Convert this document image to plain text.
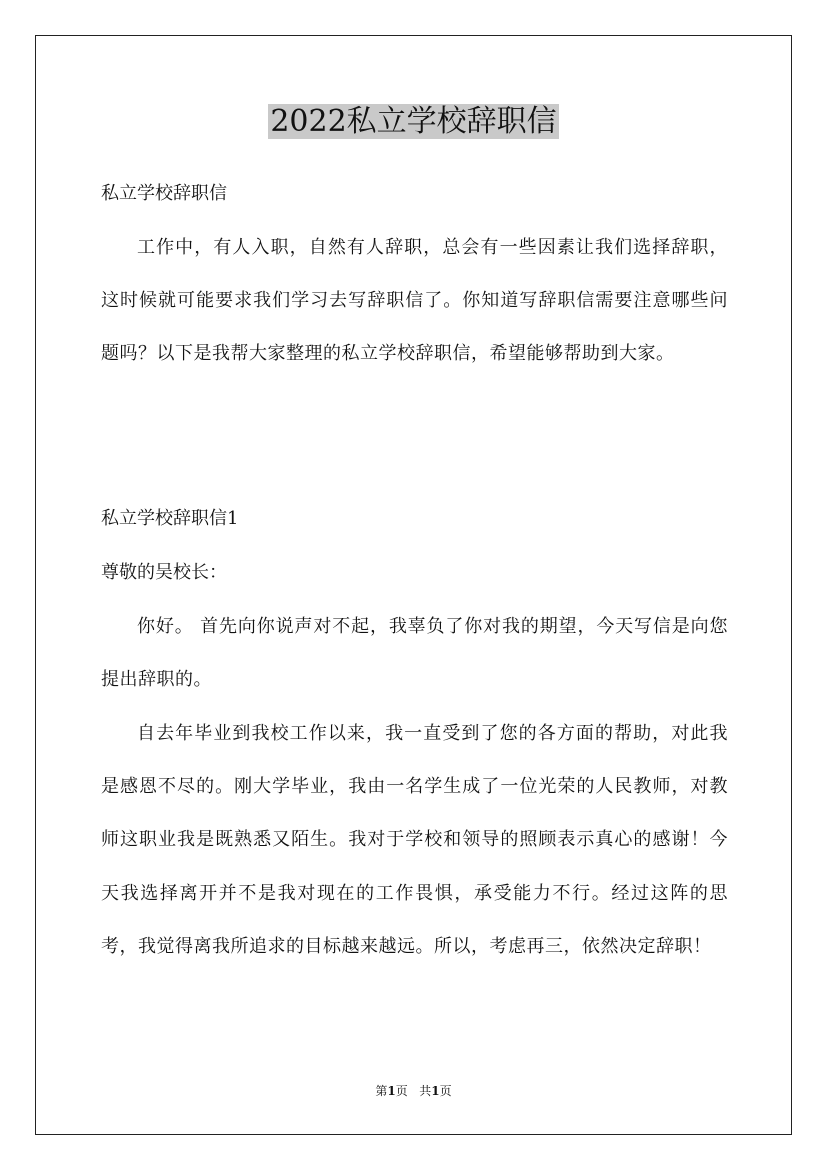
2022私立学校辞职信
私立学校辞职信
工作中，有人入职，自然有人辞职，总会有一些因素让我们选择辞职，这时候就可能要求我们学习去写辞职信了。你知道写辞职信需要注意哪些问题吗？以下是我帮大家整理的私立学校辞职信，希望能够帮助到大家。
私立学校辞职信1
尊敬的吴校长：
你好。 首先向你说声对不起，我辜负了你对我的期望，今天写信是向您提出辞职的。
自去年毕业到我校工作以来，我一直受到了您的各方面的帮助，对此我是感恩不尽的。刚大学毕业，我由一名学生成了一位光荣的人民教师，对教师这职业我是既熟悉又陌生。我对于学校和领导的照顾表示真心的感谢！今天我选择离开并不是我对现在的工作畏惧，承受能力不行。经过这阵的思考，我觉得离我所追求的目标越来越远。所以，考虑再三，依然决定辞职！
第1页   共1页
